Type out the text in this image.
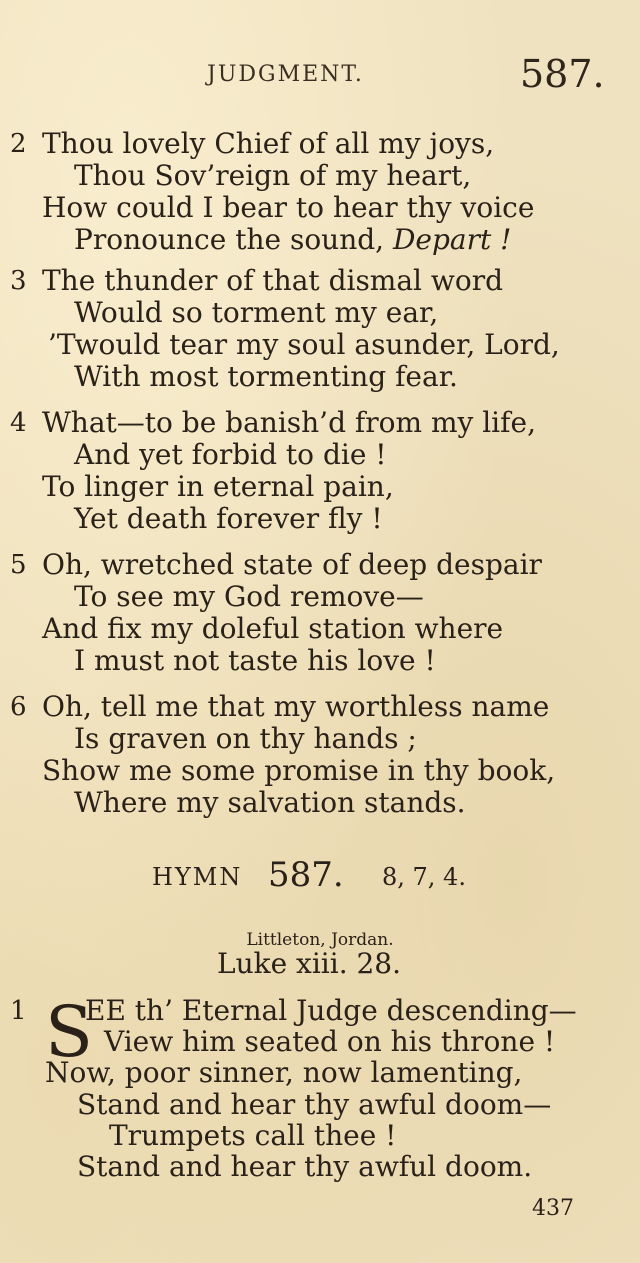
JUDGMENT.	587.
2 Thou lovely Chief of all my joys,
Thou Sov’reign of my heart,
How could I bear to hear thy voice
Pronounce the sound, Depart !
3 The thunder of that dismal word
Would so torment my ear,
’Twould tear my soul asunder, Lord,
With most tormenting fear.
4 What—to be banish’d from my life,
And yet forbid to die !
To linger in eternal pain,
Yet death forever fly !
5 Oh, wretched state of deep despair
To see my God remove—
And fix my doleful station where
I must not taste his love !
6 Oh, tell me that my worthless name
Is graven on thy hands ;
Show me some promise in thy book,
Where my salvation stands.
HYMN 587. 8, 7, 4.
Littleton, Jordan.
Luke xiii. 28.
1 EE th’ Eternal Judge descending—
View him seated on his throne !
Now, poor sinner, now lamenting,
Stand and hear thy awful doom—
Trumpets call thee !
Stand and hear thy awful doom.
S
437
